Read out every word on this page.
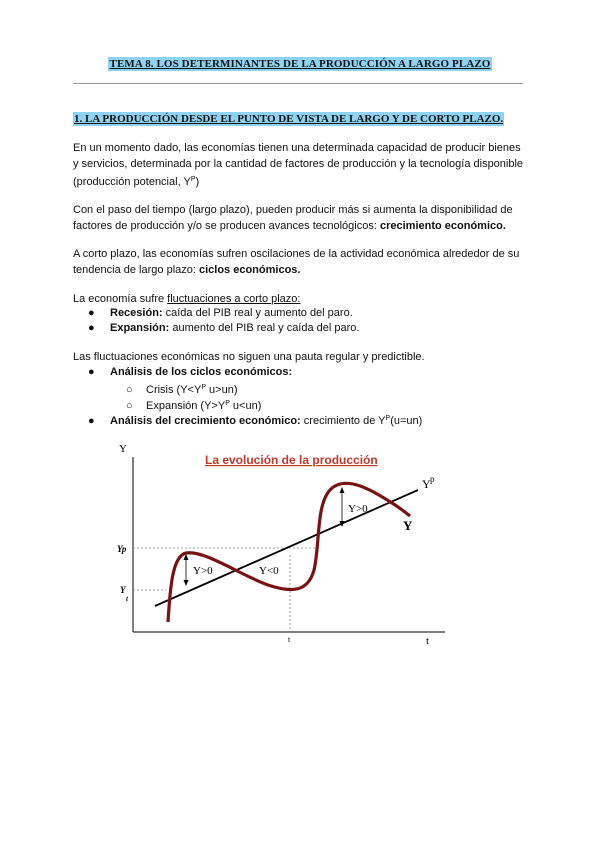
TEMA 8. LOS DETERMINANTES DE LA PRODUCCIÓN A LARGO PLAZO
1. LA PRODUCCIÓN DESDE EL PUNTO DE VISTA DE LARGO Y DE CORTO PLAZO.
En un momento dado, las economías tienen una determinada capacidad de producir bienes
y servicios, determinada por la cantidad de factores de producción y la tecnología disponible
(producción potencial, $Y^P$)
Con el paso del tiempo (largo plazo), pueden producir más si aumenta la disponibilidad de
factores de producción y/o se producen avances tecnológicos: crecimiento económico.
A corto plazo, las economías sufren oscilaciones de la actividad económica alrededor de su
tendencia de largo plazo: ciclos económicos.
La economía sufre fluctuaciones a corto plazo:
● Recesión: caída del PIB real y aumento del paro.
● Expansión: aumento del PIB real y caída del paro.
Las fluctuaciones económicas no siguen una pauta regular y predictible.
● Análisis de los ciclos económicos:
○ Crisis ($Y<Y^P$ u>un)
○ Expansión ($Y>Y^P$ u<un)
● Análisis del crecimiento económico: crecimiento de $Y^P(u=un)$
Y
t
Yp
Y
t
t
La evolución de la producción
Y>0	Y<0
Y>0
Y p
Y
